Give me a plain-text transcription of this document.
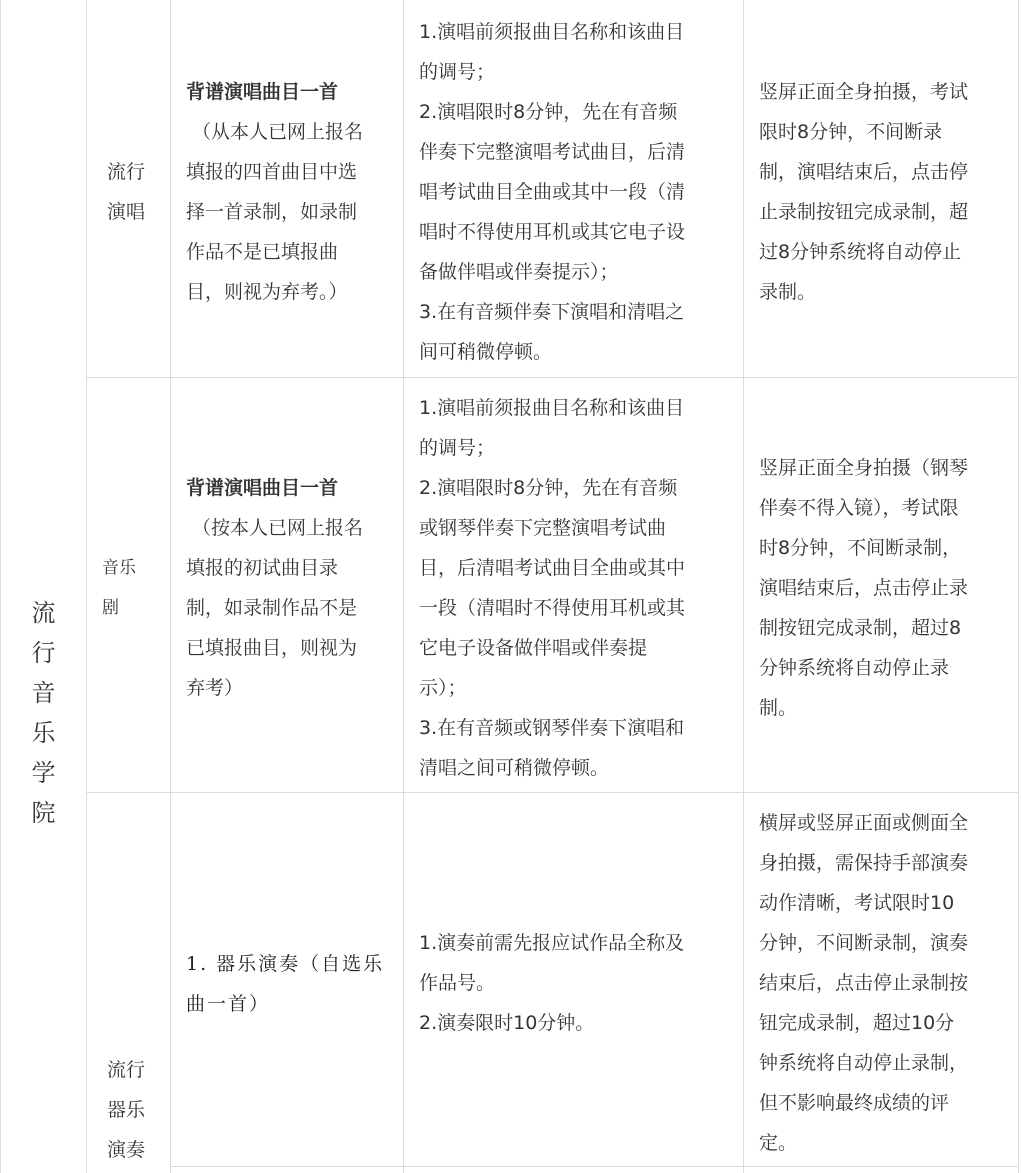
流
行
音
乐
学
院
流行
演唱
背谱演唱曲目一首
（从本人已网上报名
填报的四首曲目中选
择一首录制，如录制
作品不是已填报曲
目，则视为弃考。）
1.演唱前须报曲目名称和该曲目
的调号；
2.演唱限时8分钟，先在有音频
伴奏下完整演唱考试曲目，后清
唱考试曲目全曲或其中一段（清
唱时不得使用耳机或其它电子设
备做伴唱或伴奏提示）；
3.在有音频伴奏下演唱和清唱之
间可稍微停顿。
竖屏正面全身拍摄，考试
限时8分钟，不间断录
制，演唱结束后，点击停
止录制按钮完成录制，超
过8分钟系统将自动停止
录制。
音乐
剧
背谱演唱曲目一首
（按本人已网上报名
填报的初试曲目录
制，如录制作品不是
已填报曲目，则视为
弃考）
1.演唱前须报曲目名称和该曲目
的调号；
2.演唱限时8分钟，先在有音频
或钢琴伴奏下完整演唱考试曲
目，后清唱考试曲目全曲或其中
一段（清唱时不得使用耳机或其
它电子设备做伴唱或伴奏提
示）；
3.在有音频或钢琴伴奏下演唱和
清唱之间可稍微停顿。
竖屏正面全身拍摄（钢琴
伴奏不得入镜），考试限
时8分钟，不间断录制，
演唱结束后，点击停止录
制按钮完成录制，超过8
分钟系统将自动停止录
制。
流行
器乐
演奏
1. 器乐演奏（自选乐
曲一首）
1.演奏前需先报应试作品全称及
作品号。
2.演奏限时10分钟。
横屏或竖屏正面或侧面全
身拍摄，需保持手部演奏
动作清晰，考试限时10
分钟，不间断录制，演奏
结束后，点击停止录制按
钮完成录制，超过10分
钟系统将自动停止录制，
但不影响最终成绩的评
定。
